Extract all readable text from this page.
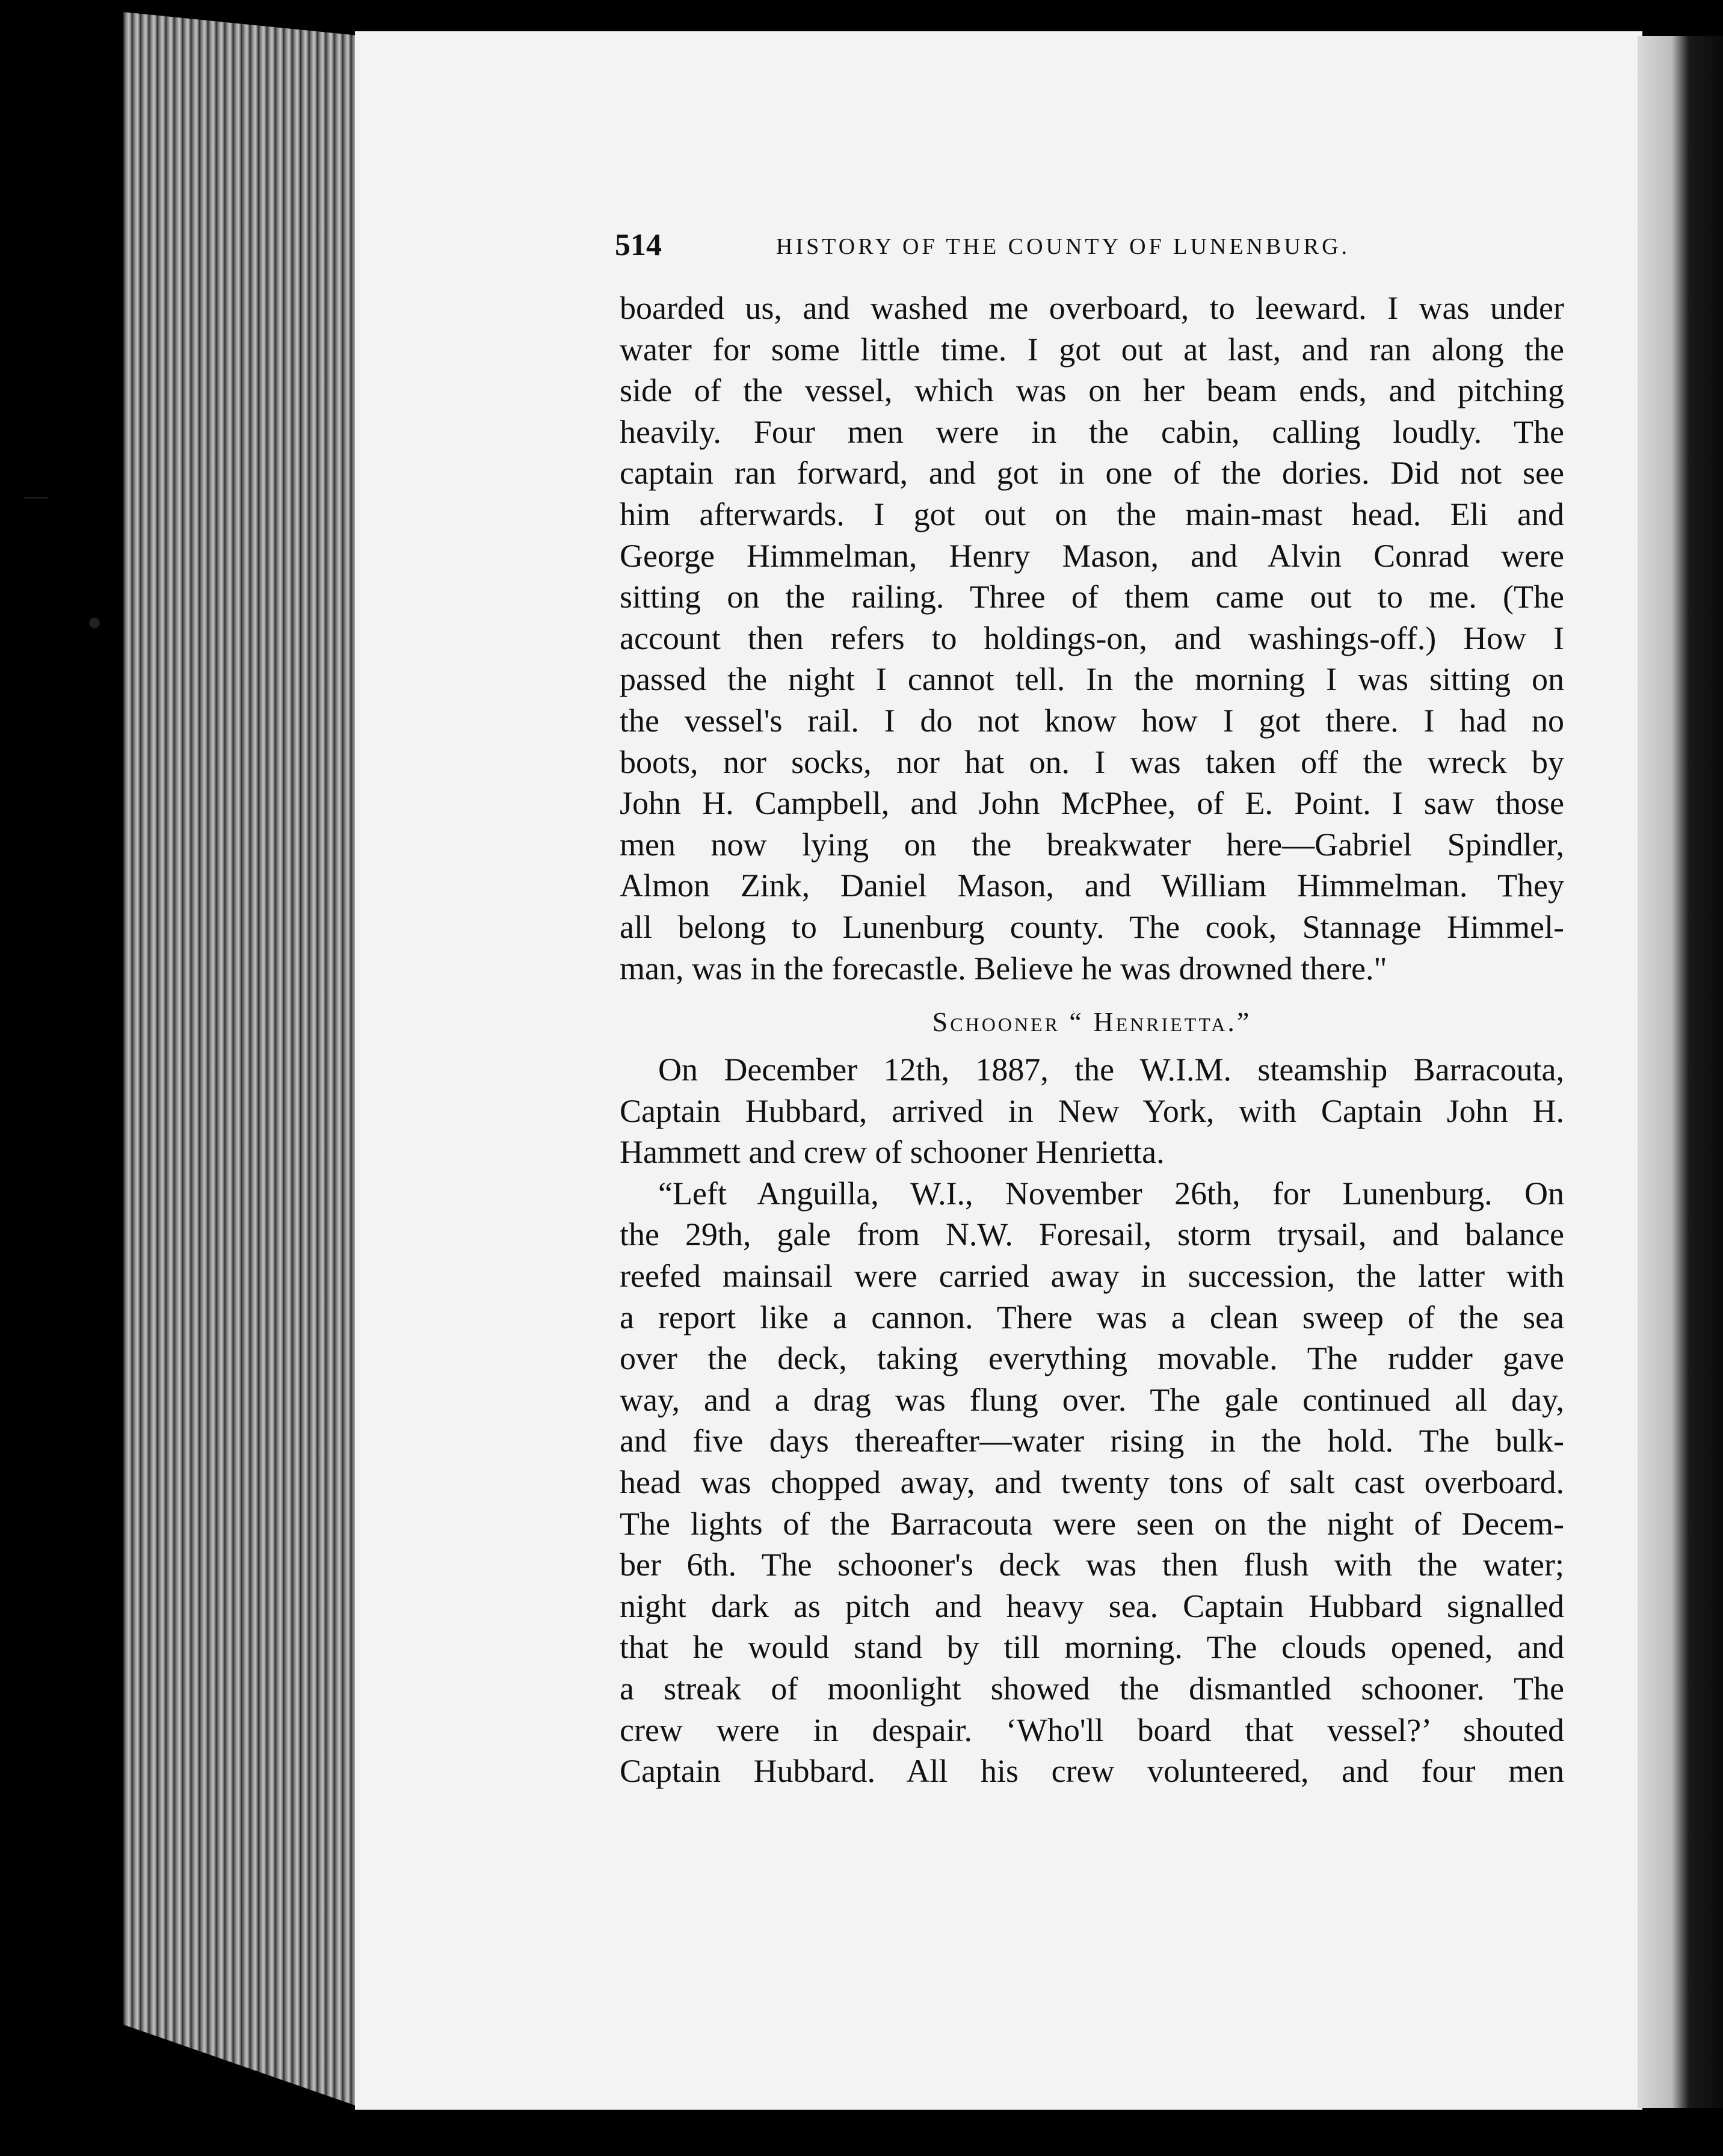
—
●
514	HISTORY OF THE COUNTY OF LUNENBURG.
boarded us, and washed me overboard, to leeward. I was under
water for some little time. I got out at last, and ran along the
side of the vessel, which was on her beam ends, and pitching
heavily. Four men were in the cabin, calling loudly. The
captain ran forward, and got in one of the dories. Did not see
him afterwards. I got out on the main-mast head. Eli and
George Himmelman, Henry Mason, and Alvin Conrad were
sitting on the railing. Three of them came out to me. (The
account then refers to holdings-on, and washings-off.) How I
passed the night I cannot tell. In the morning I was sitting on
the vessel's rail. I do not know how I got there. I had no
boots, nor socks, nor hat on. I was taken off the wreck by
John H. Campbell, and John McPhee, of E. Point. I saw those
men now lying on the breakwater here—Gabriel Spindler,
Almon Zink, Daniel Mason, and William Himmelman. They
all belong to Lunenburg county. The cook, Stannage Himmel-
man, was in the forecastle. Believe he was drowned there."
Schooner “ Henrietta.”
On December 12th, 1887, the W.I.M. steamship Barracouta,
Captain Hubbard, arrived in New York, with Captain John H.
Hammett and crew of schooner Henrietta.
“Left Anguilla, W.I., November 26th, for Lunenburg. On
the 29th, gale from N.W. Foresail, storm trysail, and balance
reefed mainsail were carried away in succession, the latter with
a report like a cannon. There was a clean sweep of the sea
over the deck, taking everything movable. The rudder gave
way, and a drag was flung over. The gale continued all day,
and five days thereafter—water rising in the hold. The bulk-
head was chopped away, and twenty tons of salt cast overboard.
The lights of the Barracouta were seen on the night of Decem-
ber 6th. The schooner's deck was then flush with the water;
night dark as pitch and heavy sea. Captain Hubbard signalled
that he would stand by till morning. The clouds opened, and
a streak of moonlight showed the dismantled schooner. The
crew were in despair. ‘Who'll board that vessel?’ shouted
Captain Hubbard. All his crew volunteered, and four men
